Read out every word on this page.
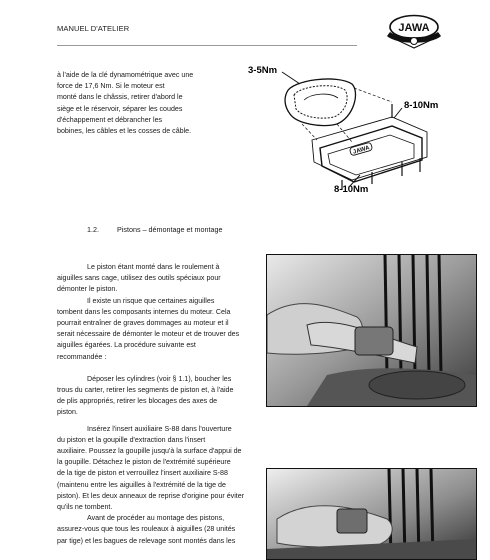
MANUEL D'ATELIER	JAWA
à l'aide de la clé dynamométrique avec une
force de 17,6 Nm. Si le moteur est
monté dans le châssis, retirer d'abord le
siège et le réservoir, séparer les coudes
d'échappement et débrancher les
bobines, les câbles et les cosses de câble.
JAWA
3-5Nm
8-10Nm
8-10Nm
1.2.	Pistons – démontage et montage

Le piston étant monté dans le roulement à
aiguilles sans cage, utilisez des outils spéciaux pour
démonter le piston.

Il existe un risque que certaines aiguilles
tombent dans les composants internes du moteur. Cela
pourrait entraîner de graves dommages au moteur et il
serait nécessaire de démonter le moteur et de trouver des
aiguilles égarées. La procédure suivante est
recommandée :

Déposer les cylindres (voir § 1.1), boucher les
trous du carter, retirer les segments de piston et, à l'aide
de plis appropriés, retirer les blocages des axes de
piston.

Insérez l'insert auxiliaire S-88 dans l'ouverture
du piston et la goupille d'extraction dans l'insert
auxiliaire. Poussez la goupille jusqu'à la surface d'appui de
la goupille. Détachez le piston de l'extrémité supérieure
de la tige de piston et verrouillez l'insert auxiliaire S-88
(maintenu entre les aiguilles à l'extrémité de la tige de
piston). Et les deux anneaux de reprise d'origine pour éviter
qu'ils ne tombent.

Avant de procéder au montage des pistons,
assurez-vous que tous les rouleaux à aiguilles (28 unités
par tige) et les bagues de relevage sont montés dans les
